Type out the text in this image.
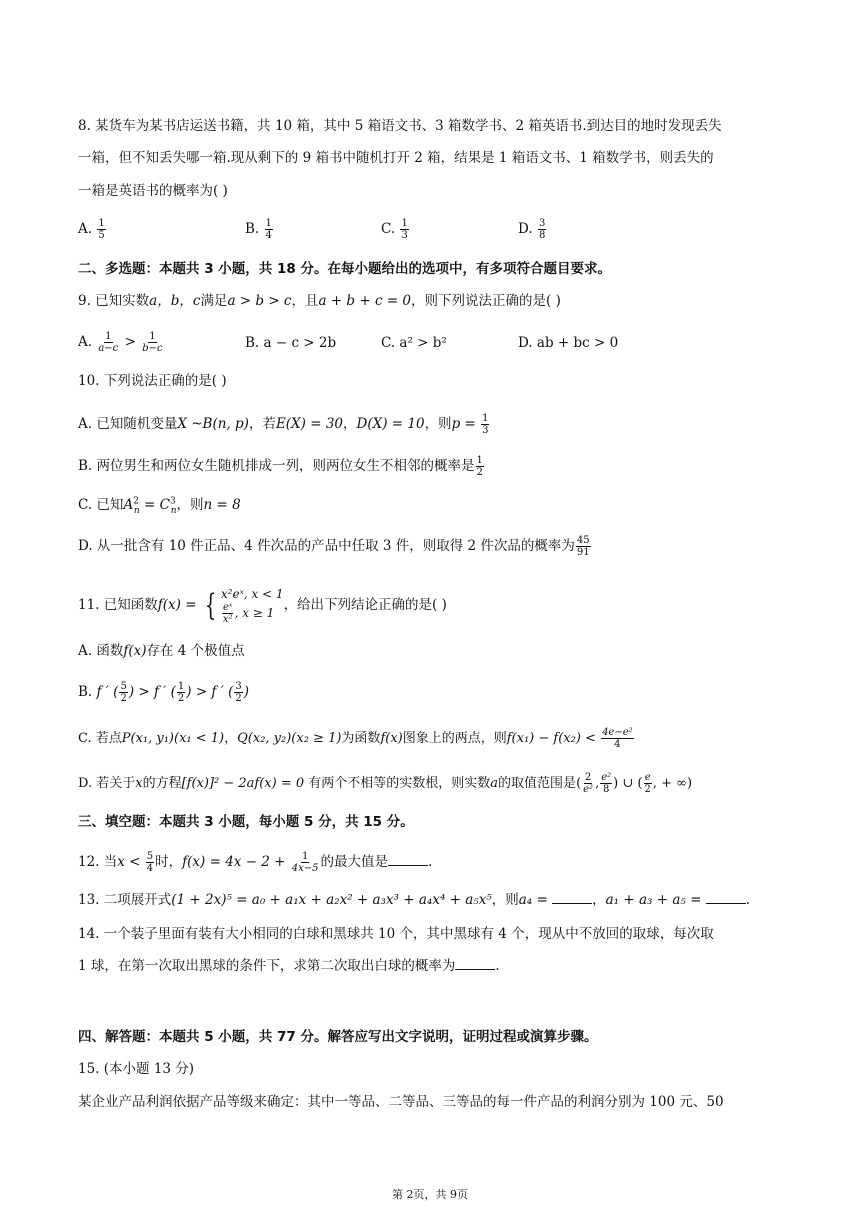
8. 某货车为某书店运送书籍，共 10 箱，其中 5 箱语文书、3 箱数学书、2 箱英语书.到达目的地时发现丢失
一箱，但不知丢失哪一箱.现从剩下的 9 箱书中随机打开 2 箱，结果是 1 箱语文书、1 箱数学书，则丢失的
一箱是英语书的概率为( )
A. $\frac{1}{5}$	B. $\frac{1}{4}$	C. $\frac{1}{3}$	D. $\frac{3}{8}$
二、多选题：本题共 3 小题，共 18 分。在每小题给出的选项中，有多项符合题目要求。
9. 已知实数a，b，c满足a > b > c，且a + b + c = 0，则下列说法正确的是( )
A. $\frac{1}{a-c} > \frac{1}{b-c}$	B. a − c > 2b	C. a² > b²	D. ab + bc > 0
10. 下列说法正确的是( )
A. 已知随机变量X ~B(n, p)，若E(X) = 30，D(X) = 10，则$p = \frac{1}{3}$
B. 两位男生和两位女生随机排成一列，则两位女生不相邻的概率是 $\frac{1}{2}$
C. 已知$A^2_n = C^3_n$，则n = 8
D. 从一批含有 10 件正品、4 件次品的产品中任取 3 件，则取得 2 件次品的概率为 $\frac{45}{91}$
11. 已知函数f(x) = { x²eˣ, x < 1
$\frac{\text{eˣ}}{\text{x²}}$ , x ≥ 1 ，给出下列结论正确的是( )
A. 函数f(x)存在 4 个极值点
B. f ′ ( $\frac{5}{2}$ ) > f ′ ( $\frac{1}{2}$ ) > f ′ ( $\frac{3}{2}$ )
C. 若点P(x₁, y₁)(x₁ < 1)，Q(x₂, y₂)(x₂ ≥ 1)为函数f(x)图象上的两点，则$f(x_1) - f(x_2) < \frac{\text{4e−e²}}{4}$
D. 若关于x的方程[f(x)]² − 2af(x) = 0 有两个不相等的实数根，则实数a的取值范围是( $\frac{2}{\text{e²}}$ , $\frac{\text{e²}}{8}$ ) ∪ ( $\frac{e}{2}$ , + ∞)
三、填空题：本题共 3 小题，每小题 5 分，共 15 分。
12. 当$x < \frac{5}{4}$ 时，$f(x) = 4x - 2 + \frac{1}{4x-5}$ 的最大值是	.
13. 二项展开式(1 + 2x)⁵ = a₀ + a₁x + a₂x² + a₃x³ + a₄x⁴ + a₅x⁵，则a₄ =	，a₁ + a₃ + a₅ =	.
14. 一个装子里面有装有大小相同的白球和黑球共 10 个，其中黑球有 4 个，现从中不放回的取球，每次取
1 球，在第一次取出黑球的条件下，求第二次取出白球的概率为	.
四、解答题：本题共 5 小题，共 77 分。解答应写出文字说明，证明过程或演算步骤。
15. (本小题 13 分)
某企业产品利润依据产品等级来确定：其中一等品、二等品、三等品的每一件产品的利润分别为 100 元、50
第 2页，共 9页
